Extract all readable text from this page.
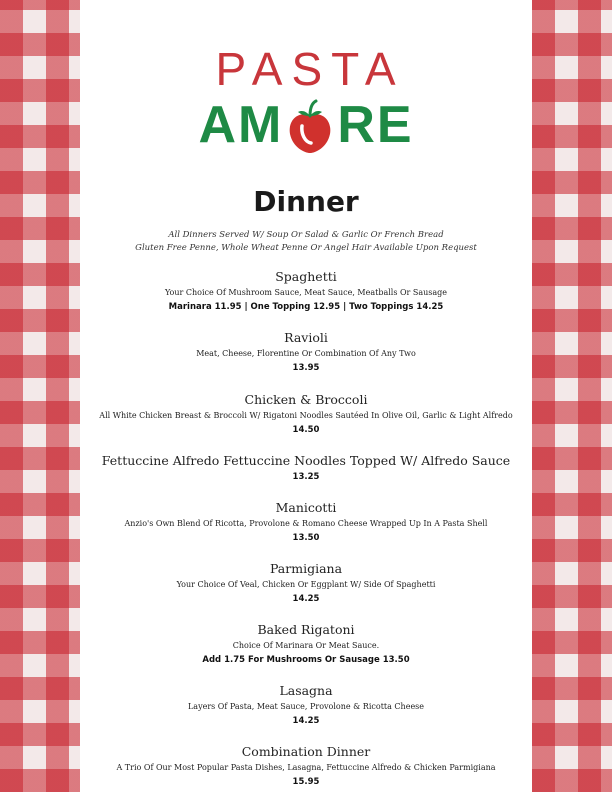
PASTA
AM RE
Dinner
All Dinners Served W/ Soup Or Salad & Garlic Or French Bread
Gluten Free Penne, Whole Wheat Penne Or Angel Hair Available Upon Request
Spaghetti
Your Choice Of Mushroom Sauce, Meat Sauce, Meatballs Or Sausage
Marinara 11.95 | One Topping 12.95 | Two Toppings 14.25
Ravioli
Meat, Cheese, Florentine Or Combination Of Any Two
13.95
Chicken & Broccoli
All White Chicken Breast & Broccoli W/ Rigatoni Noodles Sautéed In Olive Oil, Garlic & Light Alfredo
14.50
Fettuccine Alfredo Fettuccine Noodles Topped W/ Alfredo Sauce
13.25
Manicotti
Anzio's Own Blend Of Ricotta, Provolone & Romano Cheese Wrapped Up In A Pasta Shell
13.50
Parmigiana
Your Choice Of Veal, Chicken Or Eggplant W/ Side Of Spaghetti
14.25
Baked Rigatoni
Choice Of Marinara Or Meat Sauce.
Add 1.75 For Mushrooms Or Sausage 13.50
Lasagna
Layers Of Pasta, Meat Sauce, Provolone & Ricotta Cheese
14.25
Combination Dinner
A Trio Of Our Most Popular Pasta Dishes, Lasagna, Fettuccine Alfredo & Chicken Parmigiana
15.95
